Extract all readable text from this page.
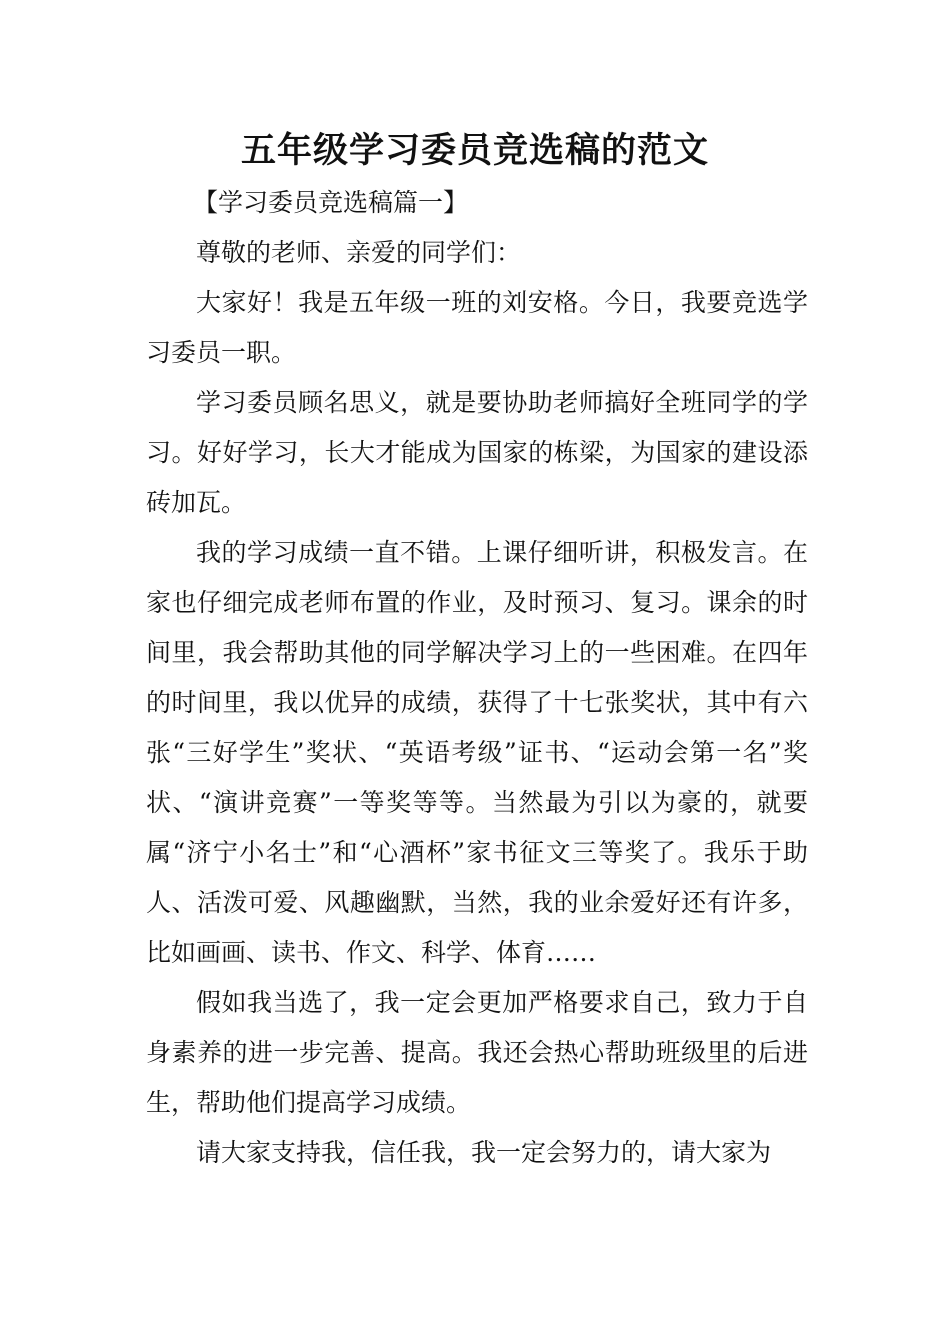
五年级学习委员竞选稿的范文

【学习委员竞选稿篇一】

尊敬的老师、亲爱的同学们：

大家好！我是五年级一班的刘安格。今日，我要竞选学习委员一职。

学习委员顾名思义，就是要协助老师搞好全班同学的学习。好好学习，长大才能成为国家的栋梁，为国家的建设添砖加瓦。

我的学习成绩一直不错。上课仔细听讲，积极发言。在家也仔细完成老师布置的作业，及时预习、复习。课余的时间里，我会帮助其他的同学解决学习上的一些困难。在四年的时间里，我以优异的成绩，获得了十七张奖状，其中有六张“三好学生”奖状、“英语考级”证书、“运动会第一名”奖状、“演讲竞赛”一等奖等等。当然最为引以为豪的，就要属“济宁小名士”和“心酒杯”家书征文三等奖了。我乐于助人、活泼可爱、风趣幽默，当然，我的业余爱好还有许多，比如画画、读书、作文、科学、体育……

假如我当选了，我一定会更加严格要求自己，致力于自身素养的进一步完善、提高。我还会热心帮助班级里的后进生，帮助他们提高学习成绩。

请大家支持我，信任我，我一定会努力的，请大家为
